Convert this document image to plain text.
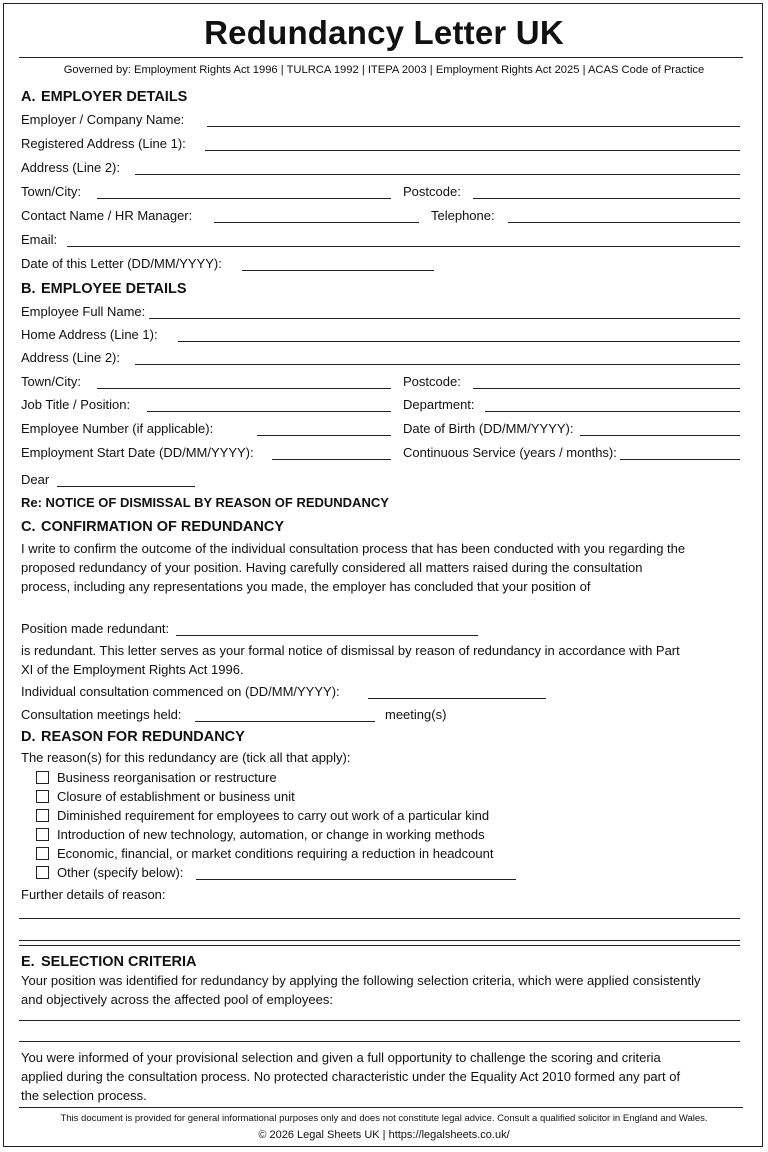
Redundancy Letter UK
Governed by: Employment Rights Act 1996 | TULRCA 1992 | ITEPA 2003 | Employment Rights Act 2025 | ACAS Code of Practice
A. EMPLOYER DETAILS
Employer / Company Name:
Registered Address (Line 1):
Address (Line 2):
Town/City:	Postcode:
Contact Name / HR Manager:	Telephone:
Email:
Date of this Letter (DD/MM/YYYY):
B. EMPLOYEE DETAILS
Employee Full Name:
Home Address (Line 1):
Address (Line 2):
Town/City:	Postcode:
Job Title / Position:	Department:
Employee Number (if applicable):	Date of Birth (DD/MM/YYYY):
Employment Start Date (DD/MM/YYYY):	Continuous Service (years / months):
Dear
Re: NOTICE OF DISMISSAL BY REASON OF REDUNDANCY
C. CONFIRMATION OF REDUNDANCY
I write to confirm the outcome of the individual consultation process that has been conducted with you regarding the proposed redundancy of your position. Having carefully considered all matters raised during the consultation process, including any representations you made, the employer has concluded that your position of
Position made redundant:
is redundant. This letter serves as your formal notice of dismissal by reason of redundancy in accordance with Part XI of the Employment Rights Act 1996.
Individual consultation commenced on (DD/MM/YYYY):
Consultation meetings held:	meeting(s)
D. REASON FOR REDUNDANCY
The reason(s) for this redundancy are (tick all that apply):
Business reorganisation or restructure
Closure of establishment or business unit
Diminished requirement for employees to carry out work of a particular kind
Introduction of new technology, automation, or change in working methods
Economic, financial, or market conditions requiring a reduction in headcount
Other (specify below):
Further details of reason:
E. SELECTION CRITERIA
Your position was identified for redundancy by applying the following selection criteria, which were applied consistently and objectively across the affected pool of employees:
You were informed of your provisional selection and given a full opportunity to challenge the scoring and criteria applied during the consultation process. No protected characteristic under the Equality Act 2010 formed any part of the selection process.
This document is provided for general informational purposes only and does not constitute legal advice. Consult a qualified solicitor in England and Wales.
© 2026 Legal Sheets UK | https://legalsheets.co.uk/
